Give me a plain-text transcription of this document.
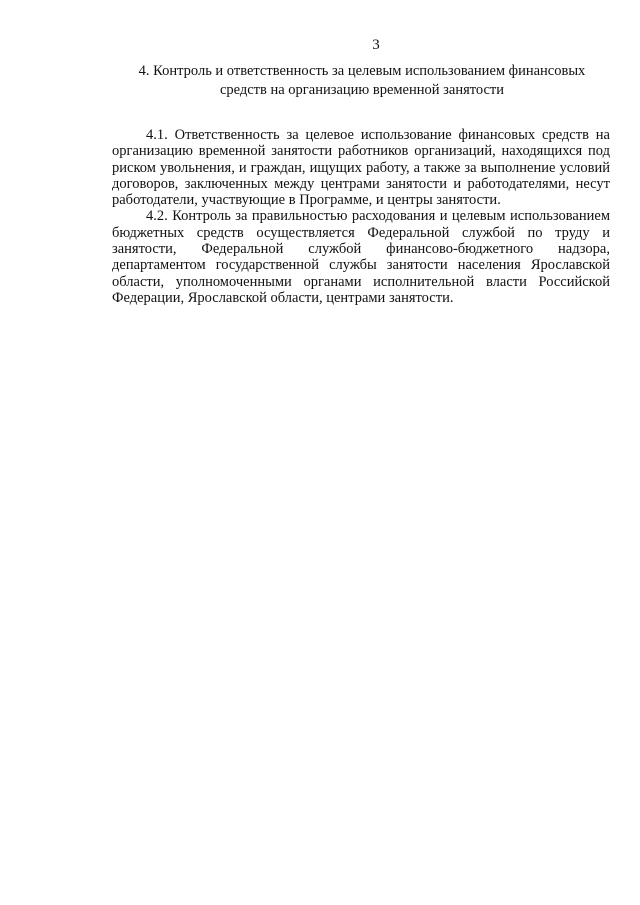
3
4. Контроль и ответственность за целевым использованием финансовых
средств на организацию временной занятости

4.1. Ответственность за целевое использование финансовых средств на организацию временной занятости работников организаций, находящихся под риском увольнения, и граждан, ищущих работу, а также за выполнение условий договоров, заключенных между центрами занятости и работодателями, несут работодатели, участвующие в Программе, и центры занятости.

4.2. Контроль за правильностью расходования и целевым использованием бюджетных средств осуществляется Федеральной службой по труду и занятости, Федеральной службой финансово-бюджетного надзора, департаментом государственной службы занятости населения Ярославской области, уполномоченными органами исполнительной власти Российской Федерации, Ярославской области, центрами занятости.
